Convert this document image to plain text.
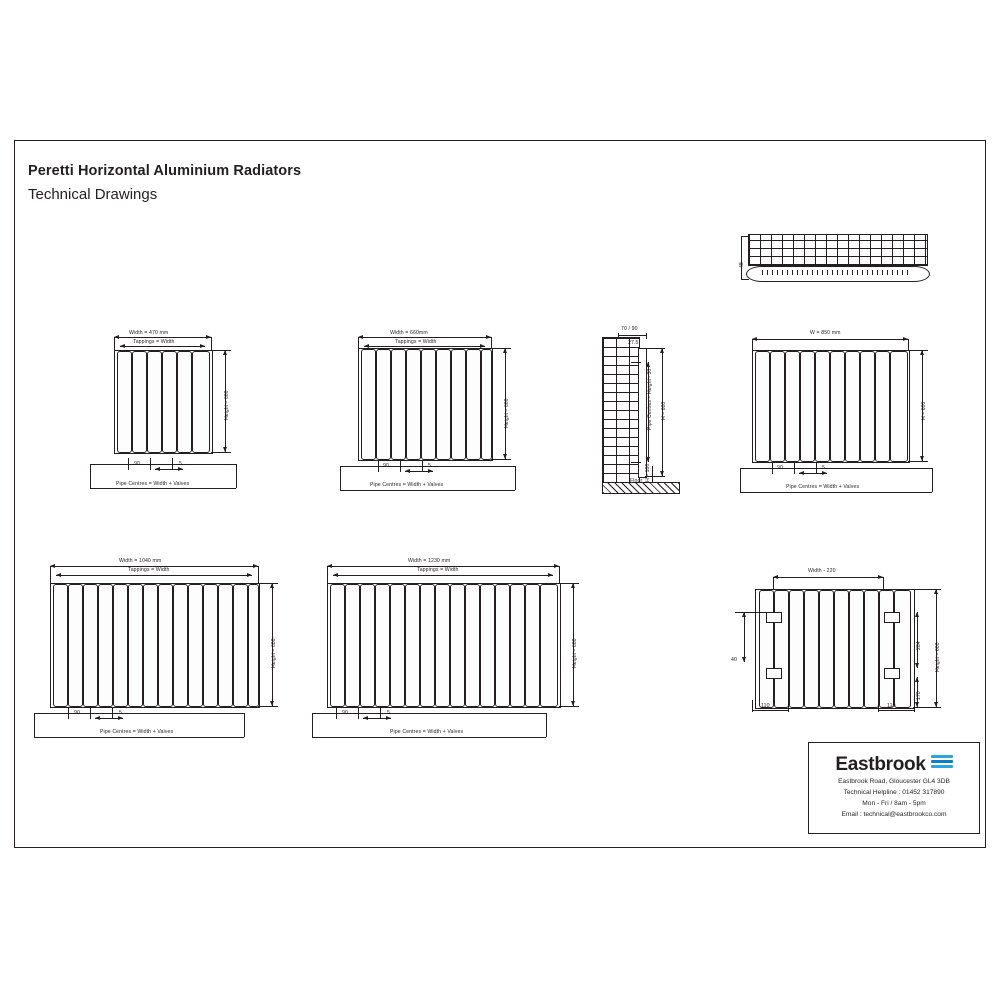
Peretti Horizontal Aluminium Radiators
Technical Drawings
48
Width = 470 mm
Tappings = Width
Height = 600
90	5
Pipe Centres = Width + Valves
Width = 660mm
Tappings = Width
Height = 600
90	5
Pipe Centres = Width + Valves
70 / 90
Floor
27.5
Pipe Centres = Height - 30 H = 600
H = 100
W = 850 mm
H = 600
90	5
Pipe Centres = Width + Valves
Width = 1040 mm
Tappings = Width
Height = 600
90	5
Pipe Centres = Width + Valves
Width = 1230 mm
Tappings = Width
Height = 600
90	5
Pipe Centres = Width + Valves
Width - 220
40
284
170
Height = 600
110	110
Eastbrook
Eastbrook Road, Gloucester GL4 3DB
Technical Helpline : 01452 317890
Mon - Fri / 8am - 5pm
Email : technical@eastbrookco.com
